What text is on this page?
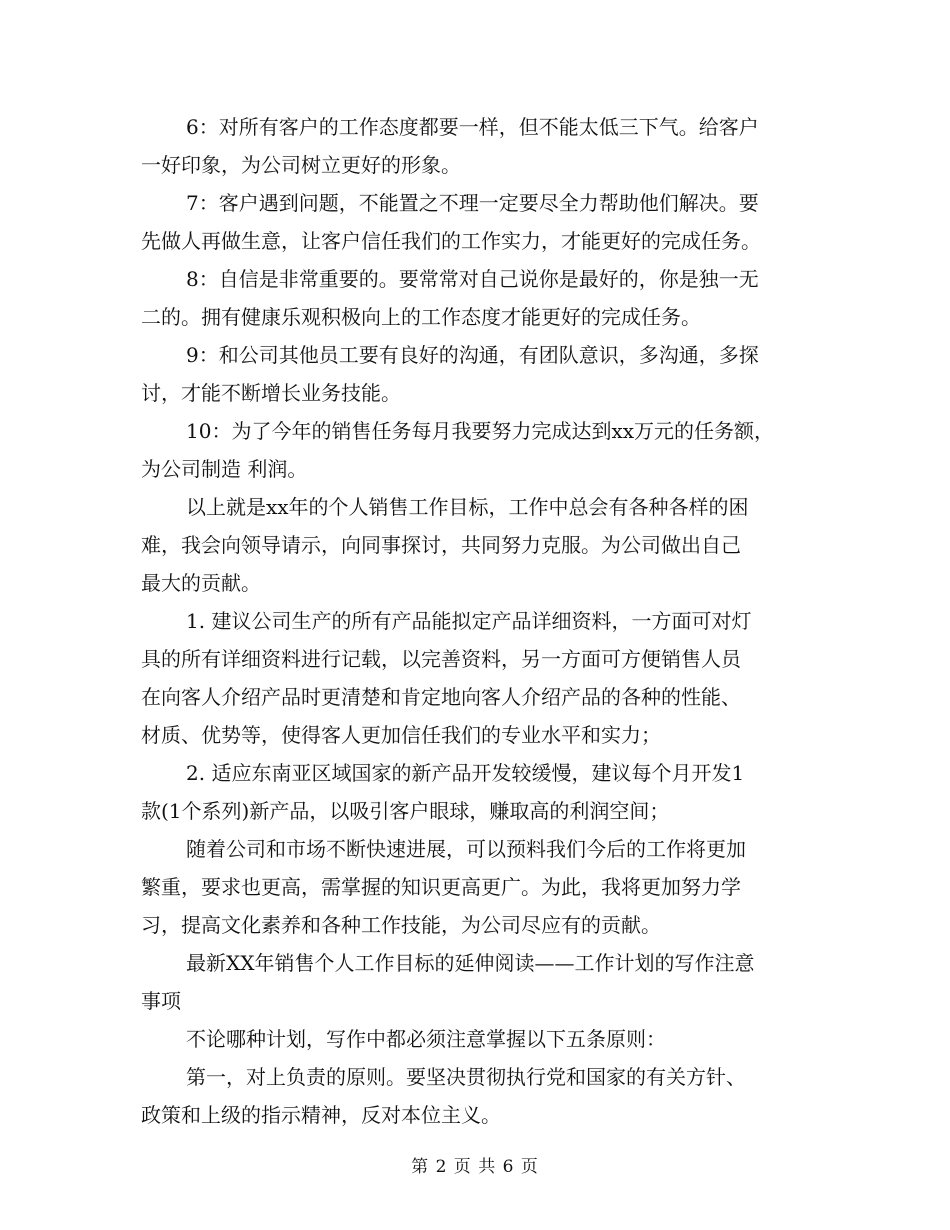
6：对所有客户的工作态度都要一样，但不能太低三下气。给客户
一好印象，为公司树立更好的形象。
7：客户遇到问题，不能置之不理一定要尽全力帮助他们解决。要
先做人再做生意，让客户信任我们的工作实力，才能更好的完成任务。
8：自信是非常重要的。要常常对自己说你是最好的，你是独一无
二的。拥有健康乐观积极向上的工作态度才能更好的完成任务。
9：和公司其他员工要有良好的沟通，有团队意识，多沟通，多探
讨，才能不断增长业务技能。
10：为了今年的销售任务每月我要努力完成达到xx万元的任务额，
为公司制造 利润。
以上就是xx年的个人销售工作目标，工作中总会有各种各样的困
难，我会向领导请示，向同事探讨，共同努力克服。为公司做出自己
最大的贡献。
1. 建议公司生产的所有产品能拟定产品详细资料，一方面可对灯
具的所有详细资料进行记载，以完善资料，另一方面可方便销售人员
在向客人介绍产品时更清楚和肯定地向客人介绍产品的各种的性能、
材质、优势等，使得客人更加信任我们的专业水平和实力；
2. 适应东南亚区域国家的新产品开发较缓慢，建议每个月开发1
款(1个系列)新产品，以吸引客户眼球，赚取高的利润空间；
随着公司和市场不断快速进展，可以预料我们今后的工作将更加
繁重，要求也更高，需掌握的知识更高更广。为此，我将更加努力学
习，提高文化素养和各种工作技能，为公司尽应有的贡献。
最新XX年销售个人工作目标的延伸阅读——工作计划的写作注意
事项
不论哪种计划，写作中都必须注意掌握以下五条原则：
第一，对上负责的原则。要坚决贯彻执行党和国家的有关方针、
政策和上级的指示精神，反对本位主义。
第 2 页 共 6 页
